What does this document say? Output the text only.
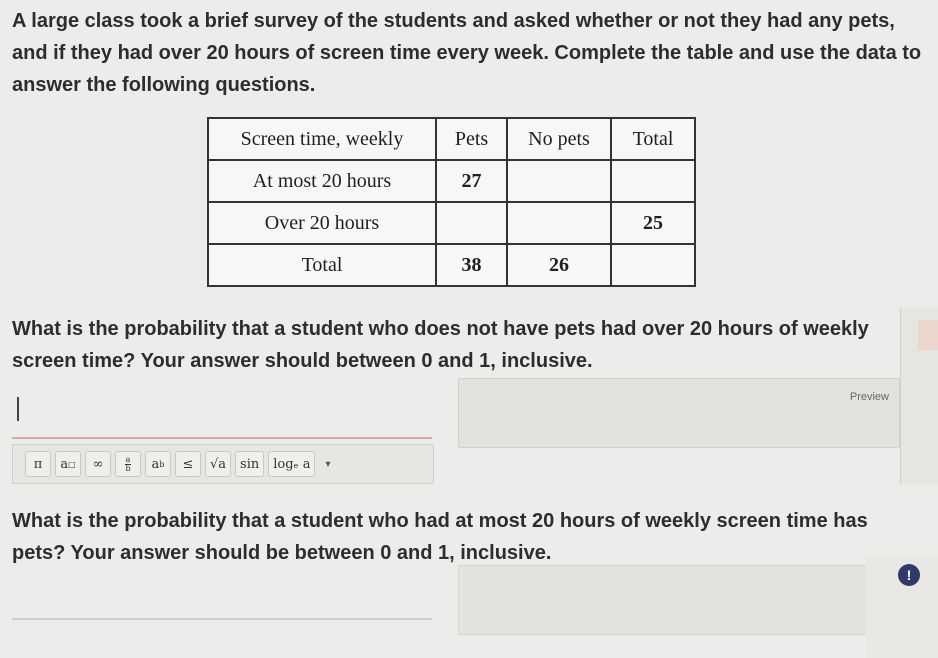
A large class took a brief survey of the students and asked whether or not they had any pets, and if they had over 20 hours of screen time every week. Complete the table and use the data to answer the following questions.

Screen time, weekly	Pets	No pets	Total
At most 20 hours	27		
Over 20 hours			25
Total	38	26	

What is the probability that a student who does not have pets had over 20 hours of weekly screen time? Your answer should between 0 and 1, inclusive.

Preview
π	a □	∞	$\frac{a}{b}$ a b	≤	√a	sin	logₑ a	▾

What is the probability that a student who had at most 20 hours of weekly screen time has pets? Your answer should be between 0 and 1, inclusive.

!
